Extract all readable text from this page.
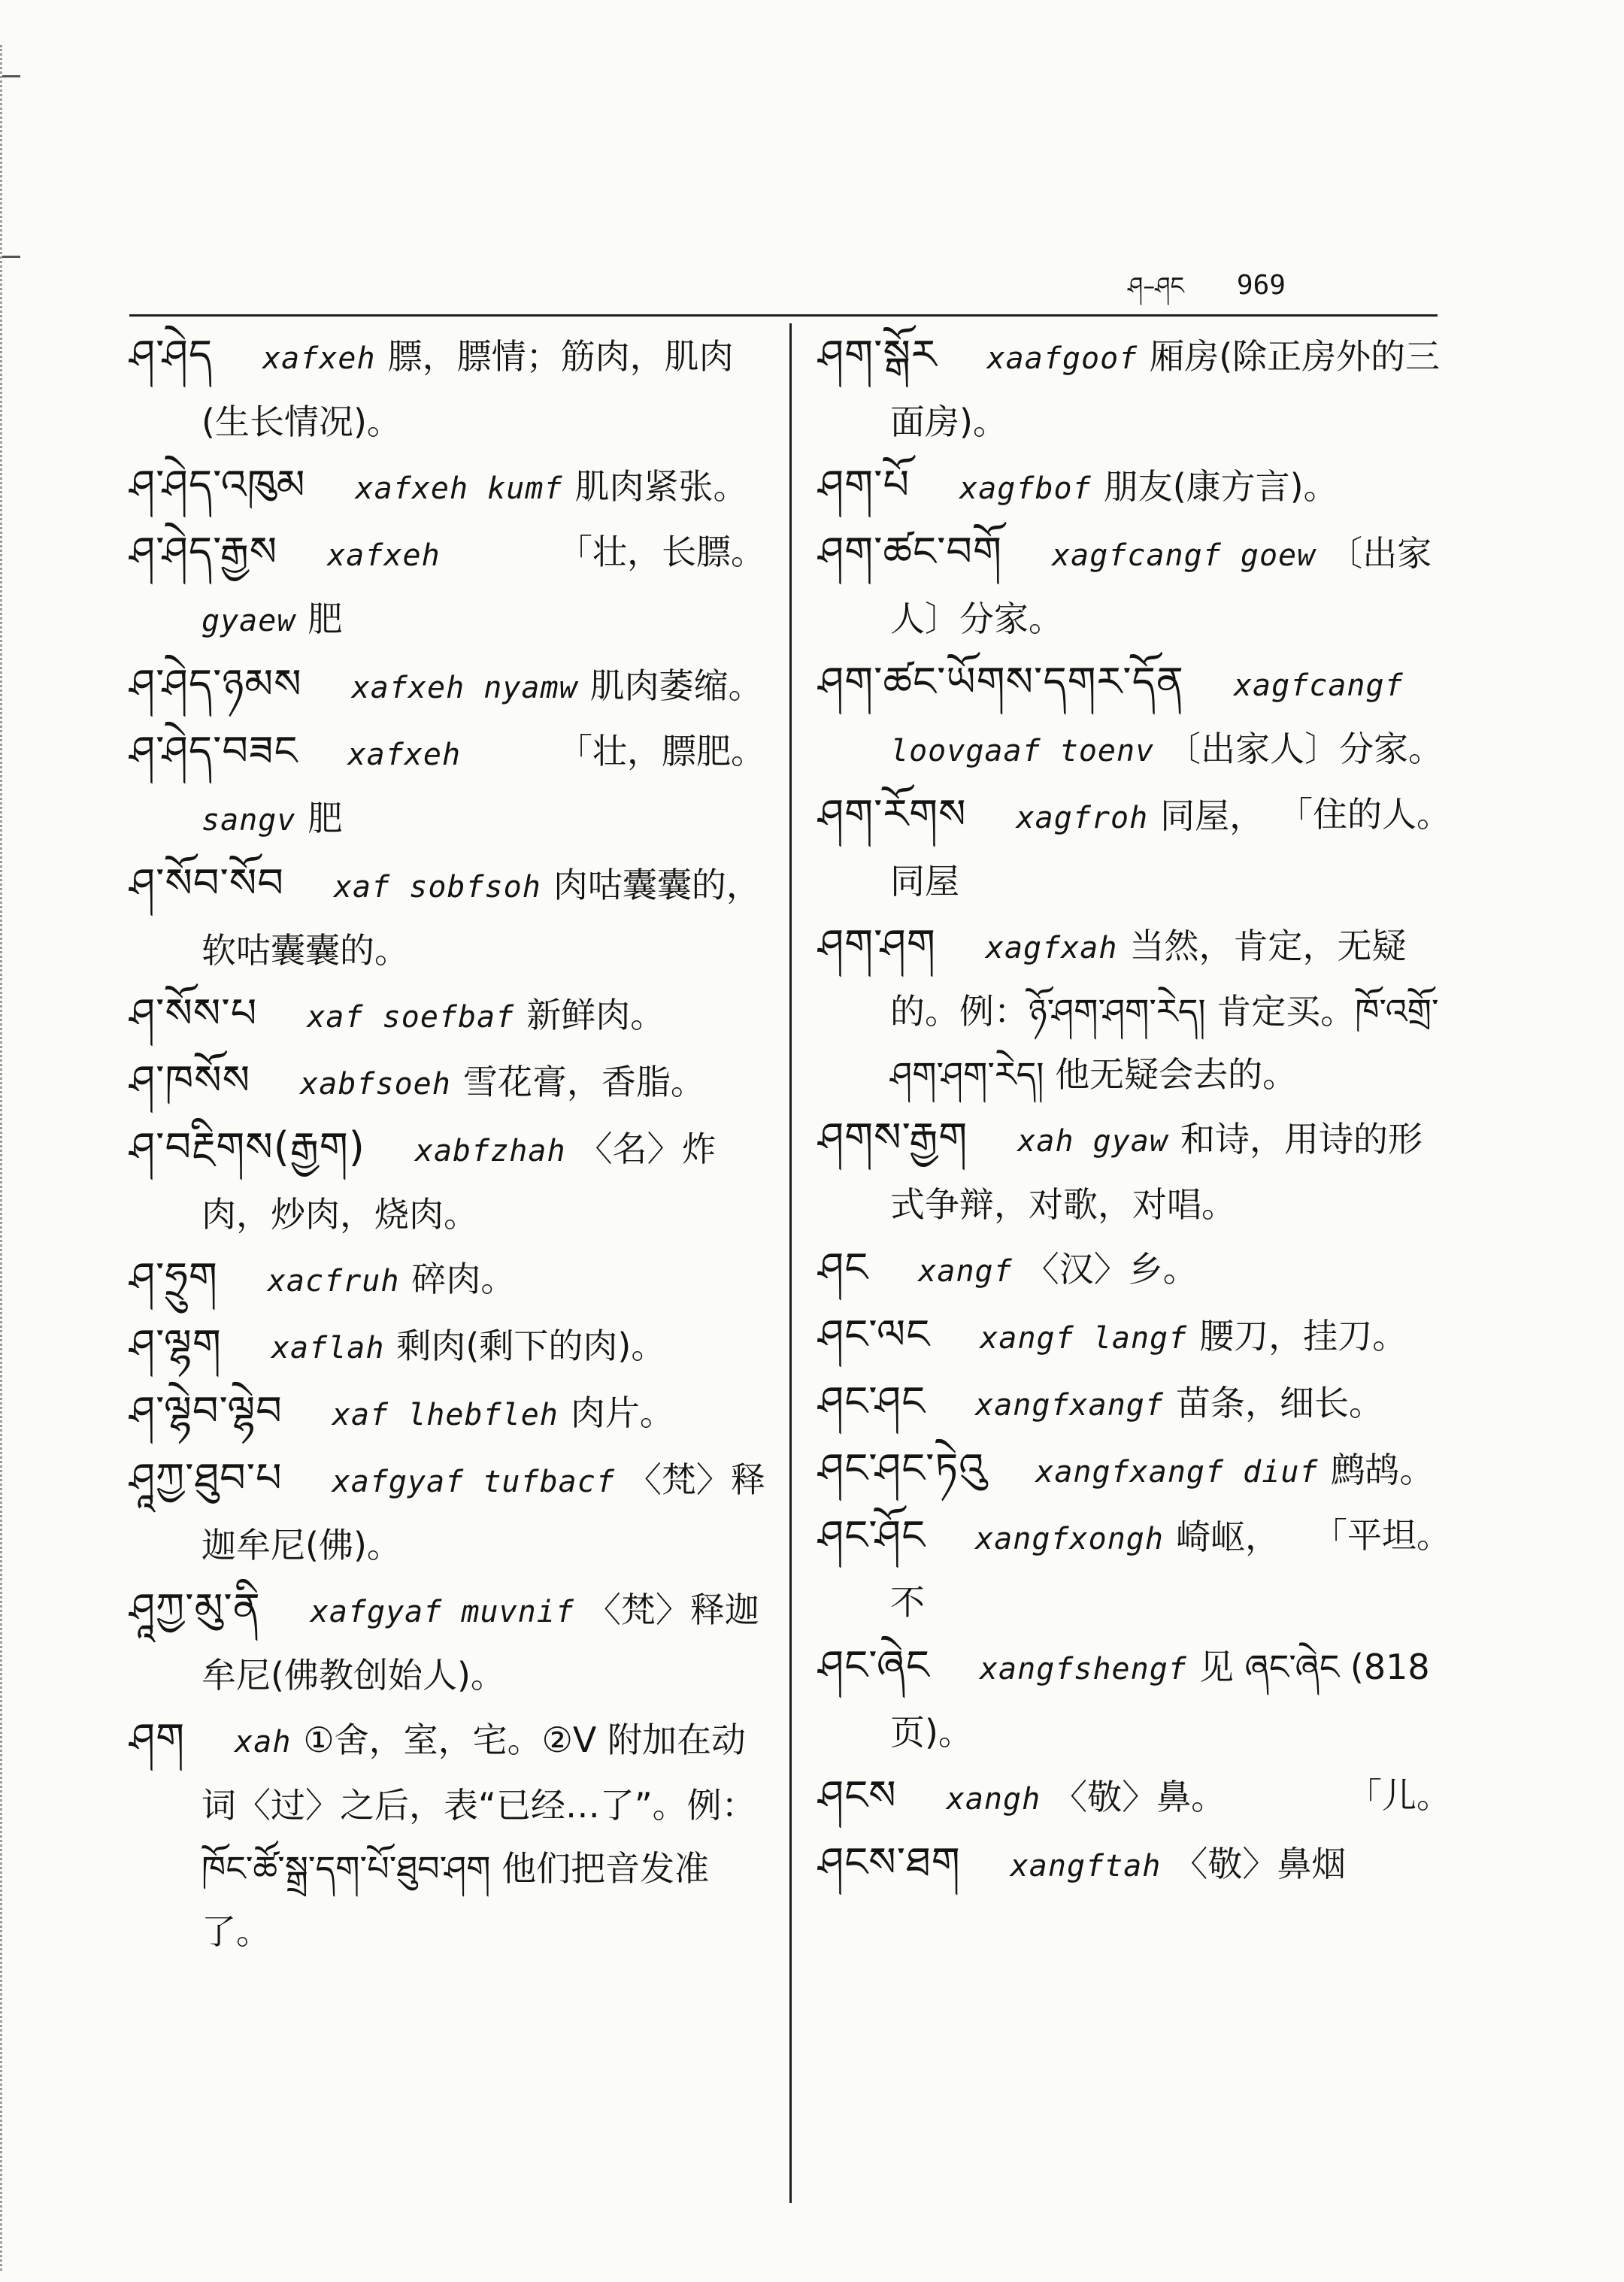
ཤ–ཤང 969
ཤ་ཤེད xafxeh 膘，膘情；筋肉，肌肉(生长情况)。
ཤ་ཤེད་འཁུམ xafxeh kumf 肌肉紧张。
「壮，长膘。
ཤ་ཤེད་རྒྱས xafxeh gyaew 肥
ཤ་ཤེད་ཉམས xafxeh nyamw 肌肉萎缩。
「壮，膘肥。
ཤ་ཤེད་བཟང xafxeh sangv 肥
ཤ་སོབ་སོབ xaf sobfsoh 肉咕囊囊的，软咕囊囊的。
ཤ་སོས་པ xaf soefbaf 新鲜肉。
ཤ་ཁསོས xabfsoeh 雪花膏，香脂。
ཤ་བརྔིགས(རྒྱག) xabfzhah 〈名〉炸肉，炒肉，烧肉。
ཤ་ཧྲུག xacfruh 碎肉。
ཤ་ལྷག xaflah 剩肉(剩下的肉)。
ཤ་ལྷེབ་ལྷེབ xaf lhebfleh 肉片。
ཤཱཀྱ་ཐུབ་པ xafgyaf tufbacf 〈梵〉释迦牟尼(佛)。
ཤཱཀྱ་མུ་ནི xafgyaf muvnif 〈梵〉释迦牟尼(佛教创始人)。
ཤག xah ①舍，室，宅。②V 附加在动词〈过〉之后，表“已经…了”。例：ཁོང་ཚོ་སྒྲ་དག་པོ་ཐུབ་ཤག 他们把音发准了。
ཤག་སྒོར xaafgoof 厢房(除正房外的三面房)。
ཤག་པོ xagfbof 朋友(康方言)。
ཤག་ཚང་བགོ xagfcangf goew 〔出家人〕分家。
ཤག་ཚང་ཡོགས་དགར་དོན xagfcangf loovgaaf toenv 〔出家人〕分家。
「住的人。
ཤག་རོགས xagfroh 同屋，同屋
ཤག་ཤག xagfxah 当然，肯定，无疑的。例：ཉོ་ཤག་ཤག་རེད། 肯定买。ཁོ་འགྲོ་ཤག་ཤག་རེད། 他无疑会去的。
ཤགས་རྒྱག xah gyaw 和诗，用诗的形式争辩，对歌，对唱。
ཤང xangf 〈汉〉乡。
ཤང་ལང xangf langf 腰刀，挂刀。
ཤང་ཤང xangfxangf 苗条，细长。
ཤང་ཤང་ཏེའུ xangfxangf diuf 鹧鸪。
「平坦。
ཤང་ཤོང xangfxongh 崎岖，不
ཤང་ཞེང xangfshengf 见 ཞང་ཞེང (818页)。
ཤངས xangh 〈敬〉鼻。	「儿。
ཤངས་ཐག xangftah 〈敬〉鼻烟
